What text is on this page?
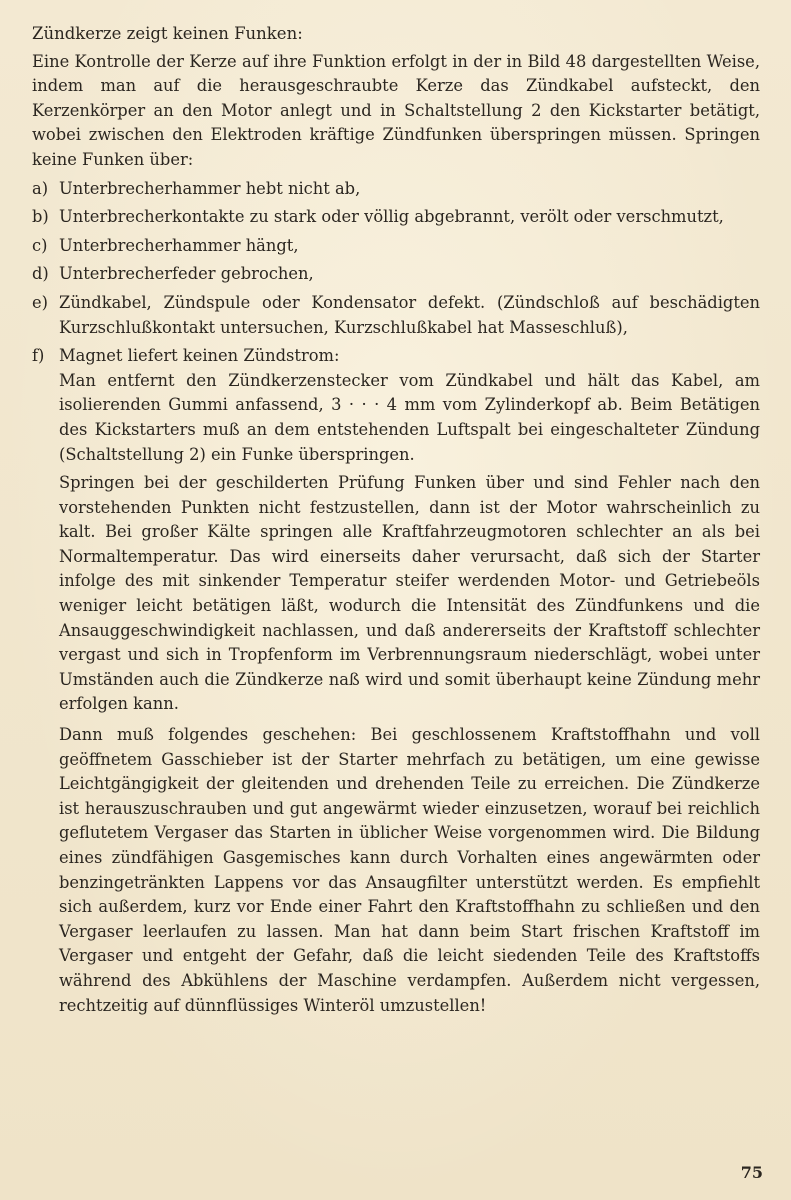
Zündkerze zeigt keinen Funken:

Eine Kontrolle der Kerze auf ihre Funktion erfolgt in der in Bild 48 dargestellten Weise, indem man auf die herausgeschraubte Kerze das Zündkabel aufsteckt, den Kerzenkörper an den Motor anlegt und in Schaltstellung 2 den Kickstarter betätigt, wobei zwischen den Elektroden kräftige Zündfunken überspringen müssen. Springen keine Funken über:

a) Unterbrecherhammer hebt nicht ab,
b) Unterbrecherkontakte zu stark oder völlig abgebrannt, verölt oder verschmutzt,
c) Unterbrecherhammer hängt,
d) Unterbrecherfeder gebrochen,
e) Zündkabel, Zündspule oder Kondensator defekt. (Zündschloß auf beschädigten Kurzschlußkontakt untersuchen, Kurzschlußkabel hat Masseschluß),
f) Magnet liefert keinen Zündstrom:
Man entfernt den Zündkerzenstecker vom Zündkabel und hält das Kabel, am isolierenden Gummi anfassend, 3 · · · 4 mm vom Zylinderkopf ab. Beim Betätigen des Kickstarters muß an dem entstehenden Luftspalt bei eingeschalteter Zündung (Schaltstellung 2) ein Funke überspringen.

Springen bei der geschilderten Prüfung Funken über und sind Fehler nach den vorstehenden Punkten nicht festzustellen, dann ist der Motor wahrscheinlich zu kalt. Bei großer Kälte springen alle Kraftfahrzeugmotoren schlechter an als bei Normaltemperatur. Das wird einerseits daher verursacht, daß sich der Starter infolge des mit sinkender Temperatur steifer werdenden Motor- und Getriebeöls weniger leicht betätigen läßt, wodurch die Intensität des Zündfunkens und die Ansauggeschwindigkeit nachlassen, und daß andererseits der Kraftstoff schlechter vergast und sich in Tropfenform im Verbrennungsraum niederschlägt, wobei unter Umständen auch die Zündkerze naß wird und somit überhaupt keine Zündung mehr erfolgen kann.

Dann muß folgendes geschehen: Bei geschlossenem Kraftstoffhahn und voll geöffnetem Gasschieber ist der Starter mehrfach zu betätigen, um eine gewisse Leichtgängigkeit der gleitenden und drehenden Teile zu erreichen. Die Zündkerze ist herauszuschrauben und gut angewärmt wieder einzusetzen, worauf bei reichlich geflutetem Vergaser das Starten in üblicher Weise vorgenommen wird. Die Bildung eines zündfähigen Gasgemisches kann durch Vorhalten eines angewärmten oder benzingetränkten Lappens vor das Ansaugfilter unterstützt werden. Es empfiehlt sich außerdem, kurz vor Ende einer Fahrt den Kraftstoffhahn zu schließen und den Vergaser leerlaufen zu lassen. Man hat dann beim Start frischen Kraftstoff im Vergaser und entgeht der Gefahr, daß die leicht siedenden Teile des Kraftstoffs während des Abkühlens der Maschine verdampfen. Außerdem nicht vergessen, rechtzeitig auf dünnflüssiges Winteröl umzustellen!

75
